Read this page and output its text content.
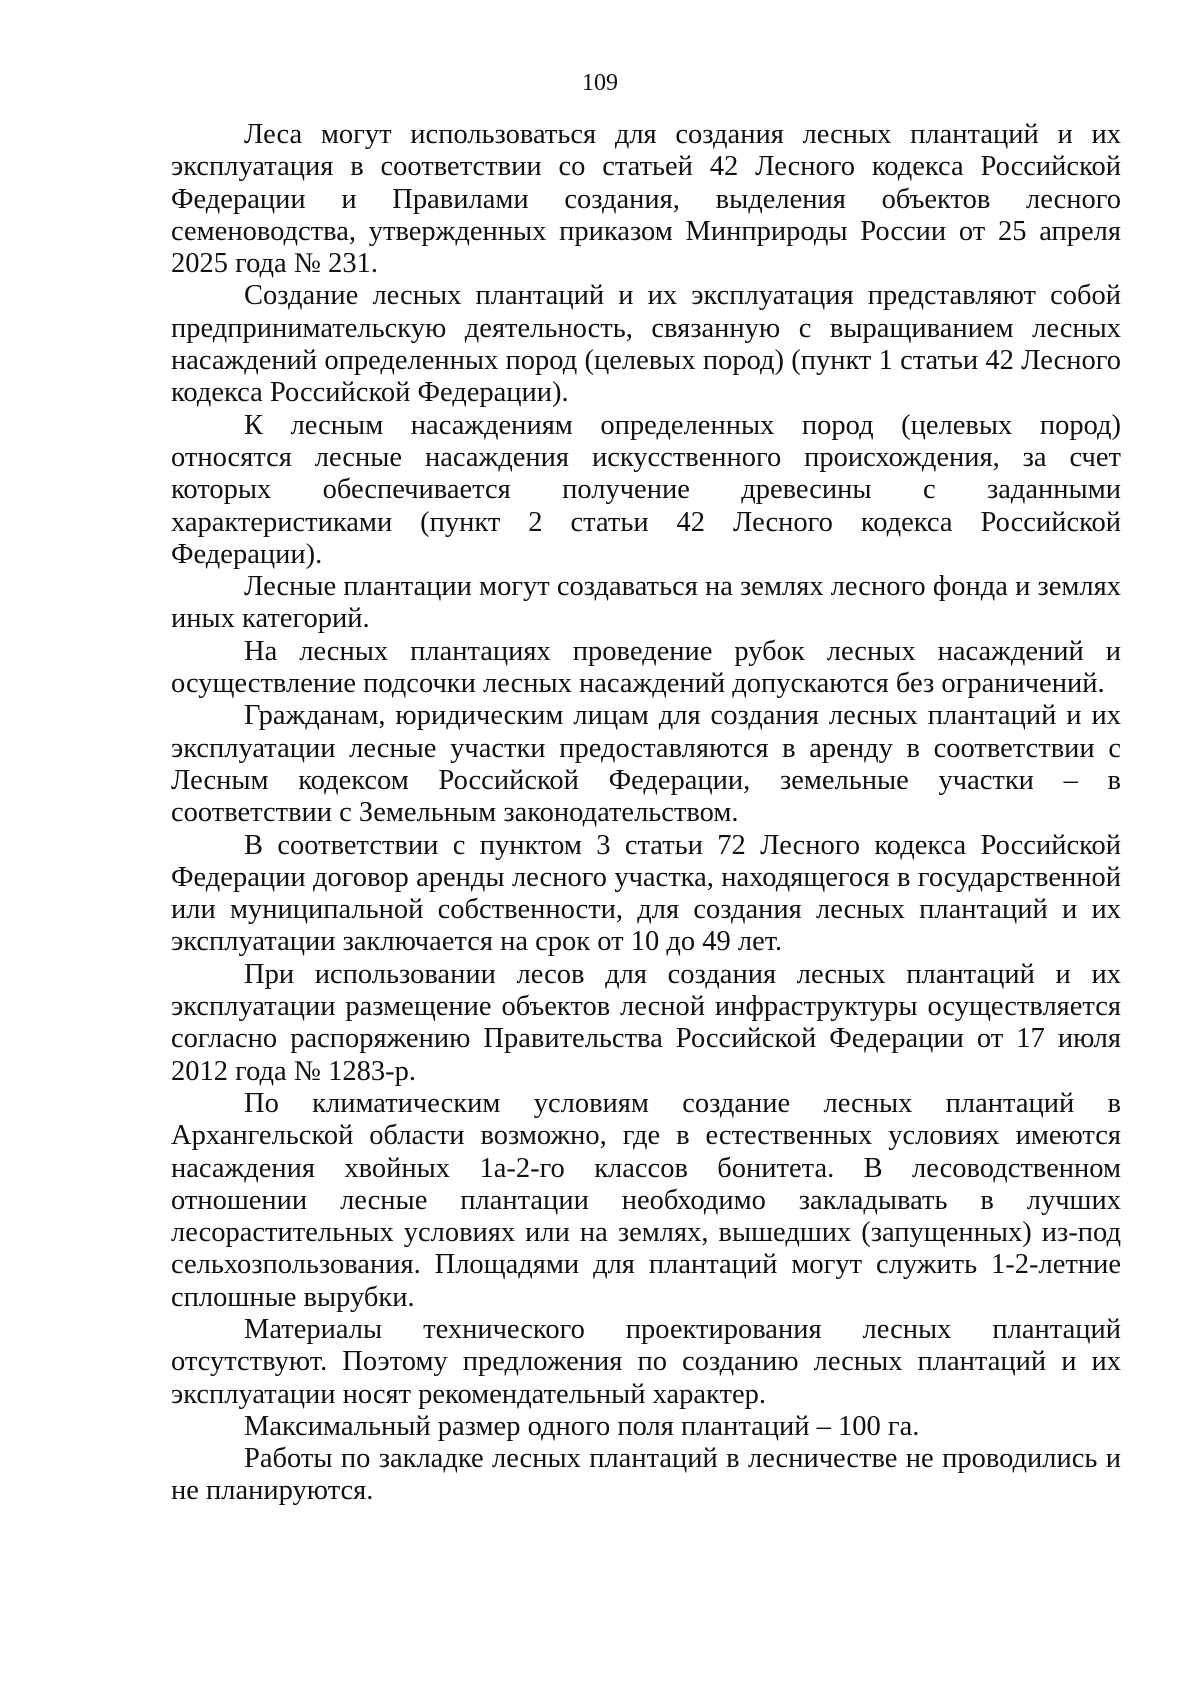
109

Леса могут использоваться для создания лесных плантаций и их эксплуатация в соответствии со статьей 42 Лесного кодекса Российской Федерации и Правилами создания, выделения объектов лесного семеноводства, утвержденных приказом Минприроды России от 25 апреля 2025 года № 231.

Создание лесных плантаций и их эксплуатация представляют собой предпринимательскую деятельность, связанную с выращиванием лесных насаждений определенных пород (целевых пород) (пункт 1 статьи 42 Лесного кодекса Российской Федерации).

К лесным насаждениям определенных пород (целевых пород) относятся лесные насаждения искусственного происхождения, за счет которых обеспечивается получение древесины с заданными характеристиками (пункт 2 статьи 42 Лесного кодекса Российской Федерации).

Лесные плантации могут создаваться на землях лесного фонда и землях иных категорий.

На лесных плантациях проведение рубок лесных насаждений и осуществление подсочки лесных насаждений допускаются без ограничений.

Гражданам, юридическим лицам для создания лесных плантаций и их эксплуатации лесные участки предоставляются в аренду в соответствии с Лесным кодексом Российской Федерации, земельные участки – в соответствии с Земельным законодательством.

В соответствии с пунктом 3 статьи 72 Лесного кодекса Российской Федерации договор аренды лесного участка, находящегося в государственной или муниципальной собственности, для создания лесных плантаций и их эксплуатации заключается на срок от 10 до 49 лет.

При использовании лесов для создания лесных плантаций и их эксплуатации размещение объектов лесной инфраструктуры осуществляется согласно распоряжению Правительства Российской Федерации от 17 июля 2012 года № 1283-р.

По климатическим условиям создание лесных плантаций в Архангельской области возможно, где в естественных условиях имеются насаждения хвойных 1а-2-го классов бонитета. В лесоводственном отношении лесные плантации необходимо закладывать в лучших лесорастительных условиях или на землях, вышедших (запущенных) из-под сельхозпользования. Площадями для плантаций могут служить 1-2-летние сплошные вырубки.

Материалы технического проектирования лесных плантаций отсутствуют. Поэтому предложения по созданию лесных плантаций и их эксплуатации носят рекомендательный характер.

Максимальный размер одного поля плантаций – 100 га.

Работы по закладке лесных плантаций в лесничестве не проводились и не планируются.
